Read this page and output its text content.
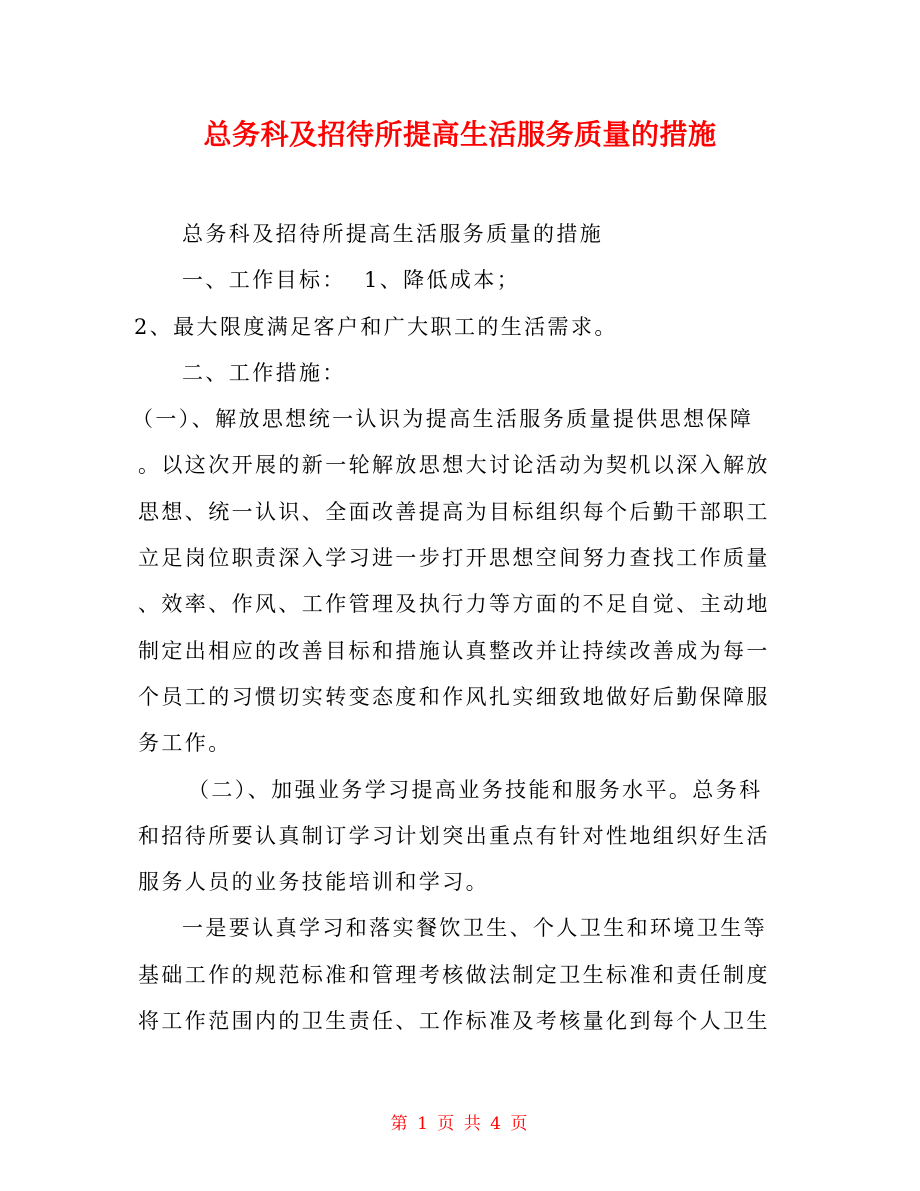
总务科及招待所提高生活服务质量的措施
总务科及招待所提高生活服务质量的措施
一、工作目标：  1、降低成本；
2、最大限度满足客户和广大职工的生活需求。
二、工作措施：
（一）、解放思想统一认识为提高生活服务质量提供思想保障
。以这次开展的新一轮解放思想大讨论活动为契机以深入解放
思想、统一认识、全面改善提高为目标组织每个后勤干部职工
立足岗位职责深入学习进一步打开思想空间努力查找工作质量
、效率、作风、工作管理及执行力等方面的不足自觉、主动地
制定出相应的改善目标和措施认真整改并让持续改善成为每一
个员工的习惯切实转变态度和作风扎实细致地做好后勤保障服
务工作。
（二）、加强业务学习提高业务技能和服务水平。总务科
和招待所要认真制订学习计划突出重点有针对性地组织好生活
服务人员的业务技能培训和学习。
一是要认真学习和落实餐饮卫生、个人卫生和环境卫生等
基础工作的规范标准和管理考核做法制定卫生标准和责任制度
将工作范围内的卫生责任、工作标准及考核量化到每个人卫生
第 1 页 共 4 页
